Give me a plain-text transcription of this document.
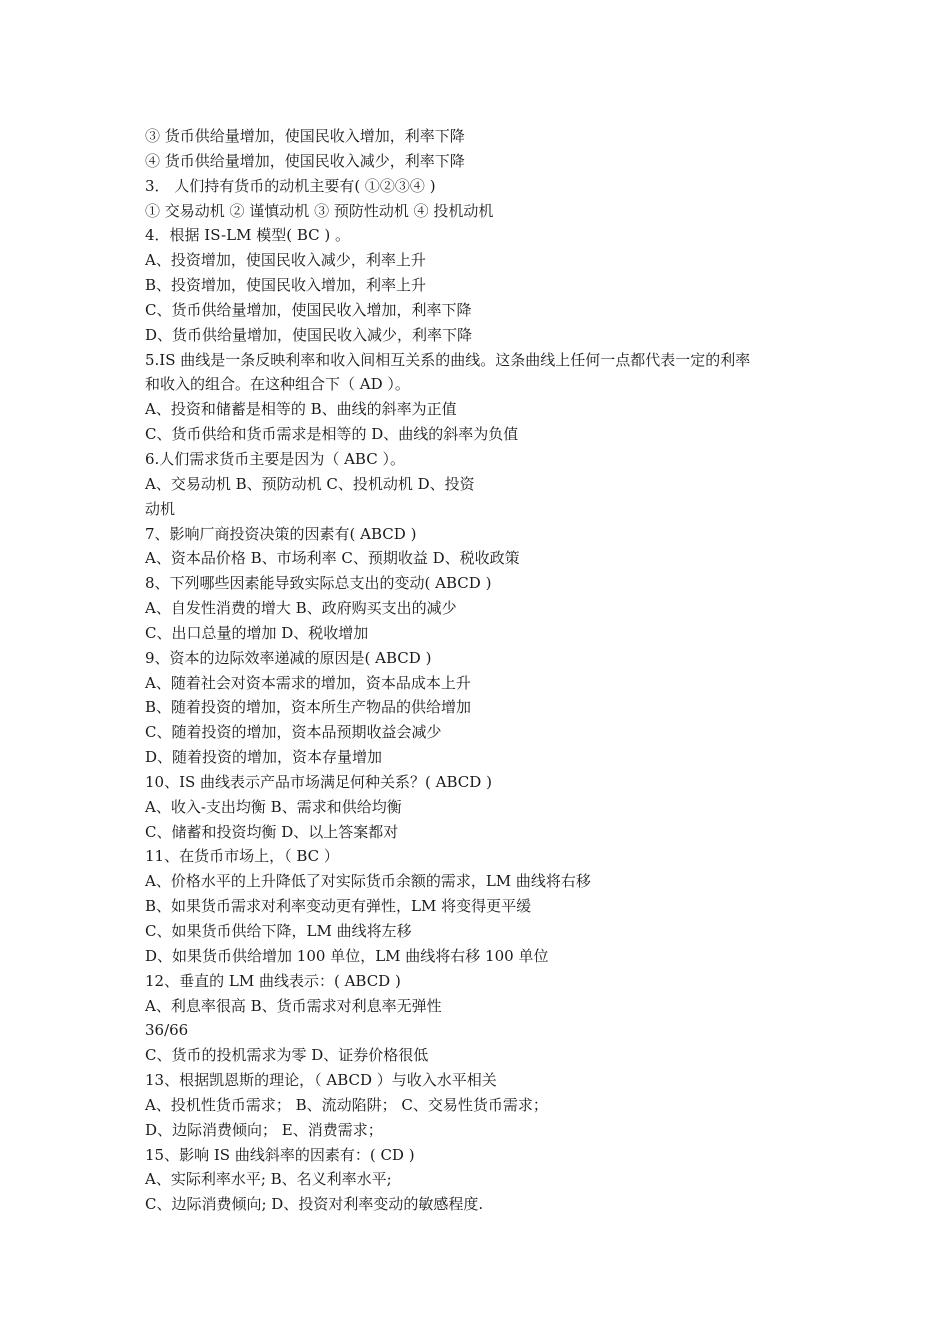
③ 货币供给量增加，使国民收入增加，利率下降
④ 货币供给量增加，使国民收入减少，利率下降
3． 人们持有货币的动机主要有( ①②③④ )
① 交易动机 ② 谨慎动机 ③ 预防性动机 ④ 投机动机
4．根据 IS-LM 模型( BC ) 。
A、投资增加，使国民收入减少，利率上升
B、投资增加，使国民收入增加，利率上升
C、货币供给量增加，使国民收入增加，利率下降
D、货币供给量增加，使国民收入减少，利率下降
5.IS 曲线是一条反映利率和收入间相互关系的曲线。这条曲线上任何一点都代表一定的利率
和收入的组合。在这种组合下（ AD ）。
A、投资和储蓄是相等的 B、曲线的斜率为正值
C、货币供给和货币需求是相等的 D、曲线的斜率为负值
6.人们需求货币主要是因为（ ABC ）。
A、交易动机 B、预防动机 C、投机动机 D、投资
动机
7、影响厂商投资决策的因素有( ABCD )
A、资本品价格 B、市场利率 C、预期收益 D、税收政策
8、下列哪些因素能导致实际总支出的变动( ABCD )
A、自发性消费的增大 B、政府购买支出的减少
C、出口总量的增加 D、税收增加
9、资本的边际效率递减的原因是( ABCD )
A、随着社会对资本需求的增加，资本品成本上升
B、随着投资的增加，资本所生产物品的供给增加
C、随着投资的增加，资本品预期收益会减少
D、随着投资的增加，资本存量增加
10、IS 曲线表示产品市场满足何种关系？( ABCD )
A、收入-支出均衡 B、需求和供给均衡
C、储蓄和投资均衡 D、以上答案都对
11、在货币市场上，（ BC ）
A、价格水平的上升降低了对实际货币余额的需求，LM 曲线将右移
B、如果货币需求对利率变动更有弹性，LM 将变得更平缓
C、如果货币供给下降，LM 曲线将左移
D、如果货币供给增加 100 单位，LM 曲线将右移 100 单位
12、垂直的 LM 曲线表示：( ABCD )
A、利息率很高 B、货币需求对利息率无弹性
36/66
C、货币的投机需求为零 D、证券价格很低
13、根据凯恩斯的理论，（ ABCD ）与收入水平相关
A、投机性货币需求； B、流动陷阱； C、交易性货币需求；
D、边际消费倾向； E、消费需求；
15、影响 IS 曲线斜率的因素有：( CD )
A、实际利率水平; B、名义利率水平;
C、边际消费倾向; D、投资对利率变动的敏感程度.
